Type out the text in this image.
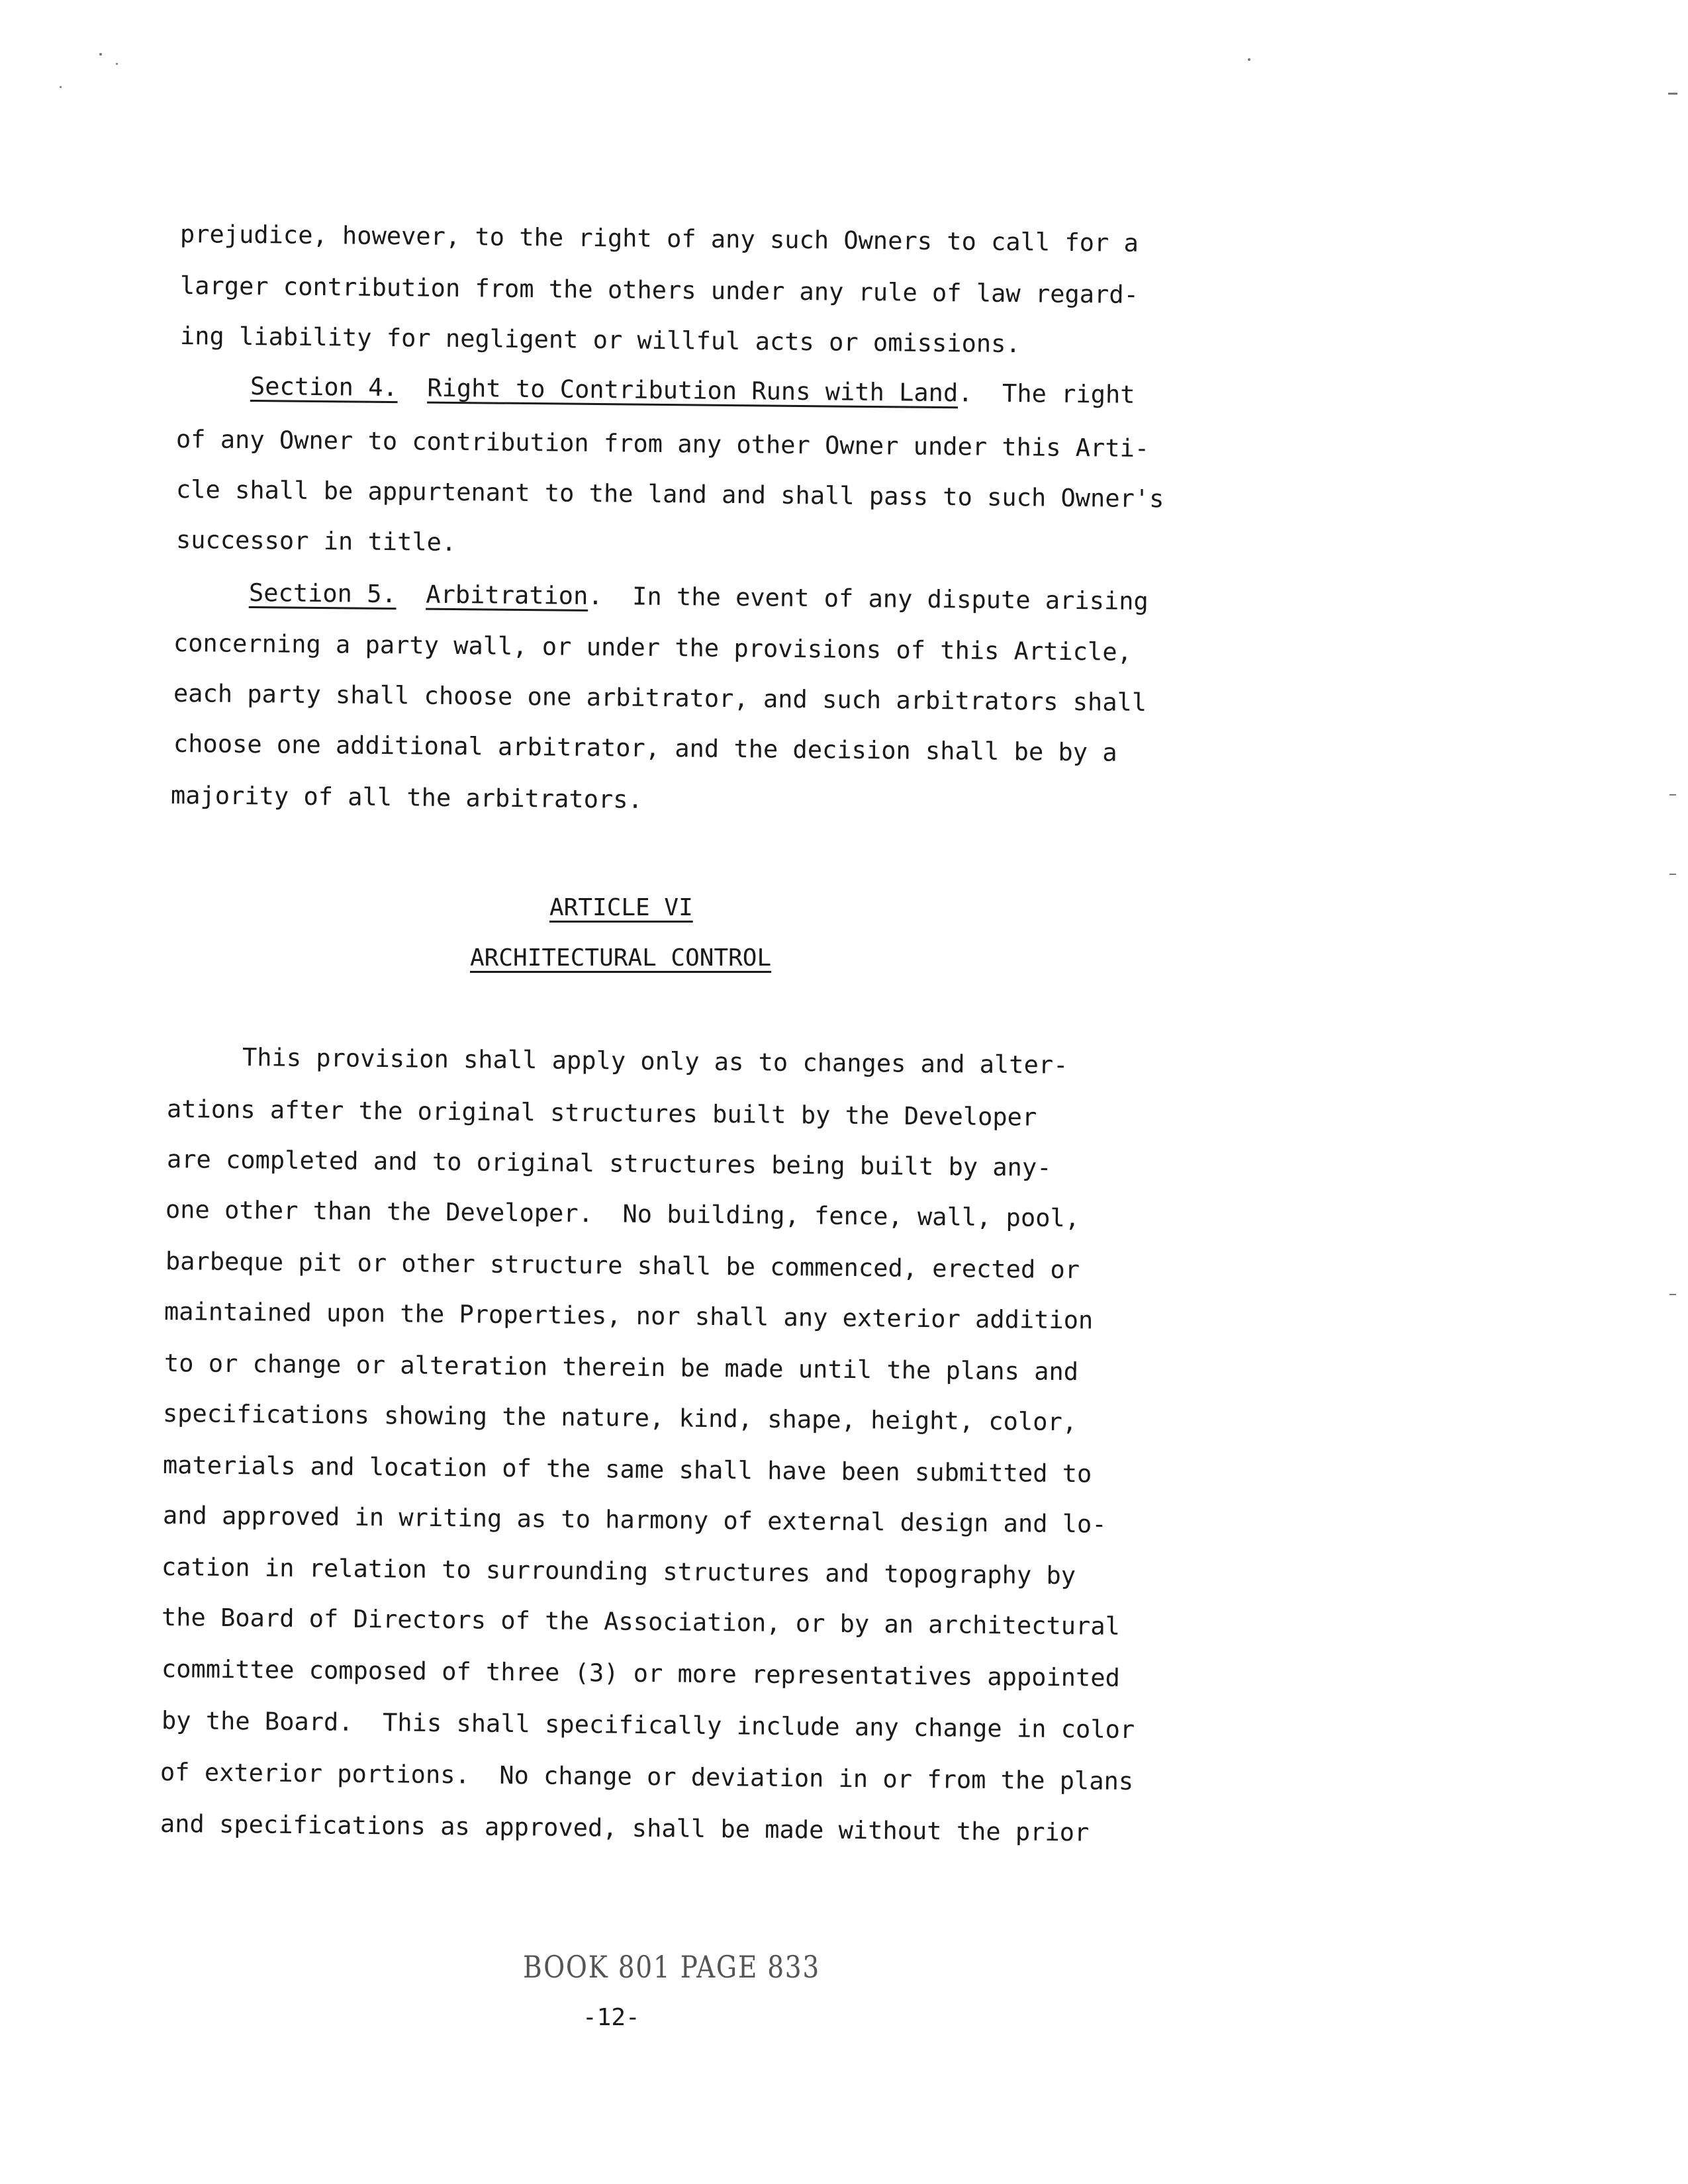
prejudice, however, to the right of any such Owners to call for a
larger contribution from the others under any rule of law regard-
ing liability for negligent or willful acts or omissions.
Section 4. Right to Contribution Runs with Land.  The right
of any Owner to contribution from any other Owner under this Arti-
cle shall be appurtenant to the land and shall pass to such Owner's
successor in title.
Section 5. Arbitration.  In the event of any dispute arising
concerning a party wall, or under the provisions of this Article,
each party shall choose one arbitrator, and such arbitrators shall
choose one additional arbitrator, and the decision shall be by a
majority of all the arbitrators.
ARTICLE VI
ARCHITECTURAL CONTROL
This provision shall apply only as to changes and alter-
ations after the original structures built by the Developer
are completed and to original structures being built by any-
one other than the Developer.  No building, fence, wall, pool,
barbeque pit or other structure shall be commenced, erected or
maintained upon the Properties, nor shall any exterior addition
to or change or alteration therein be made until the plans and
specifications showing the nature, kind, shape, height, color,
materials and location of the same shall have been submitted to
and approved in writing as to harmony of external design and lo-
cation in relation to surrounding structures and topography by
the Board of Directors of the Association, or by an architectural
committee composed of three (3) or more representatives appointed
by the Board.  This shall specifically include any change in color
of exterior portions.  No change or deviation in or from the plans
and specifications as approved, shall be made without the prior
BOOK 801 PAGE 833
-12-
